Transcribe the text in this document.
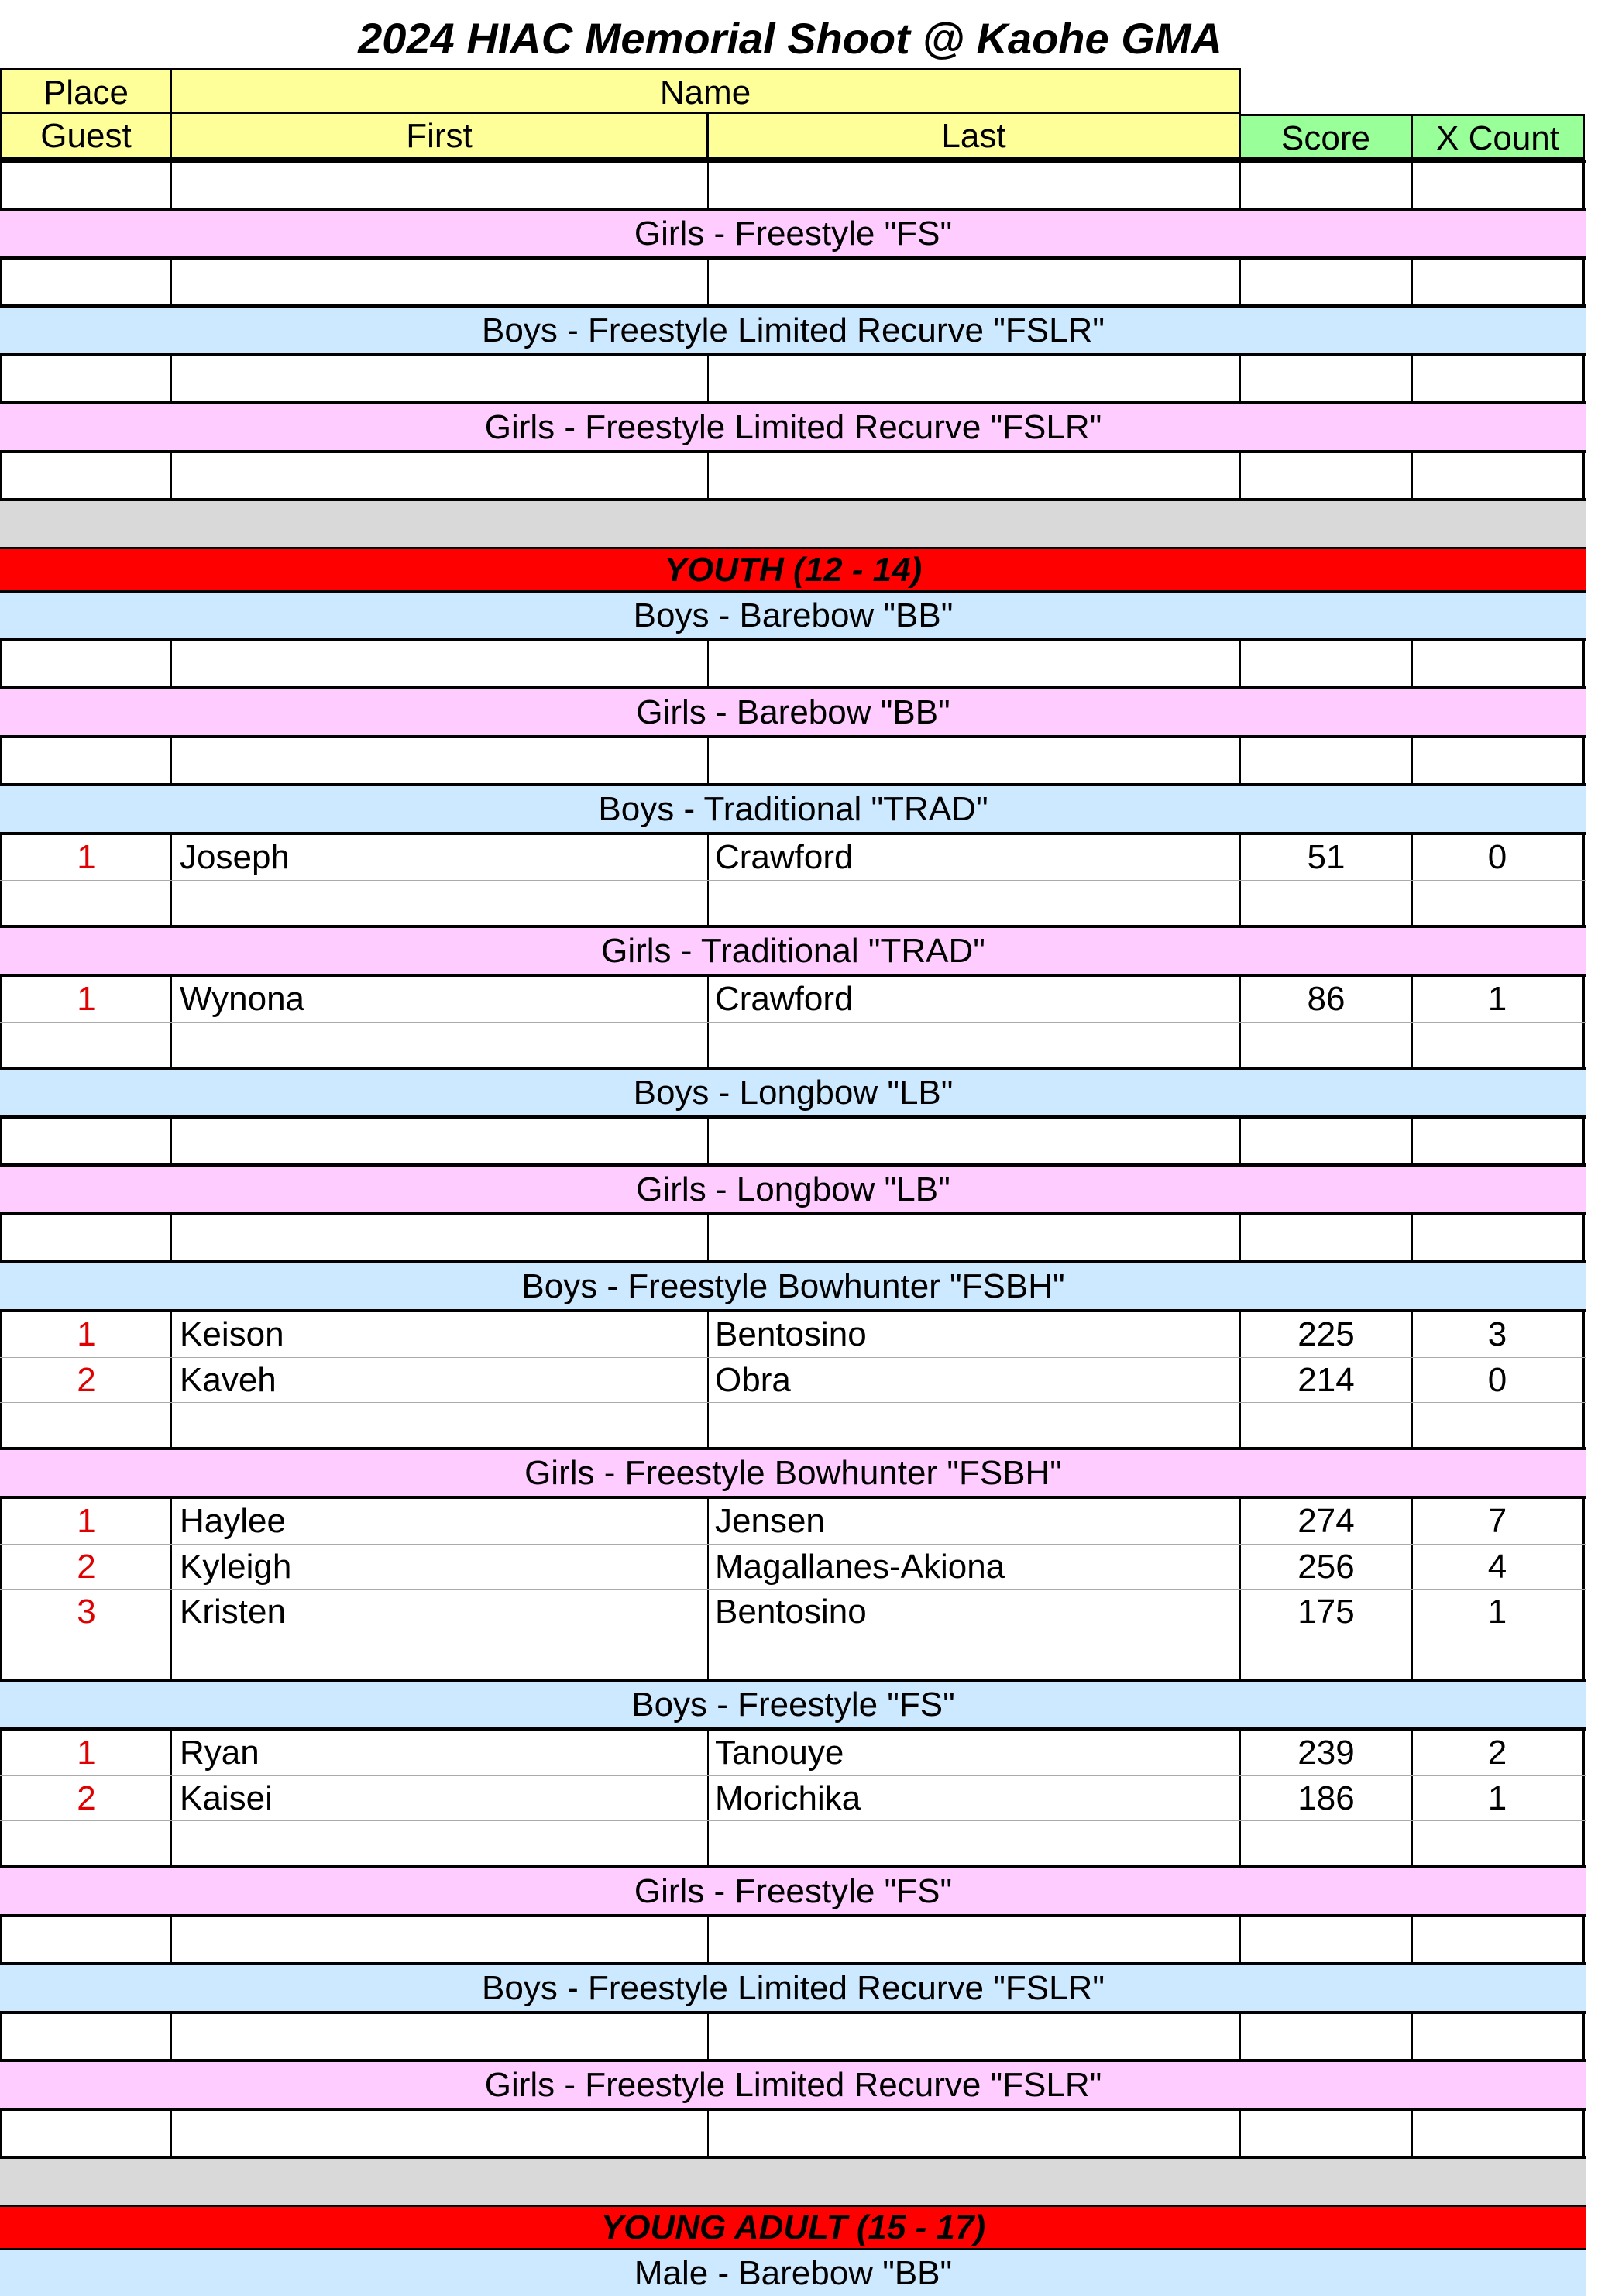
2024 HIAC Memorial Shoot @ Kaohe GMA
Place	Name
Guest	First	Last	Score	X Count
Girls - Freestyle "FS"
Boys - Freestyle Limited Recurve "FSLR"
Girls - Freestyle Limited Recurve "FSLR"
YOUTH (12 - 14)
Boys - Barebow "BB"
Girls - Barebow "BB"
Boys - Traditional "TRAD"
1	Joseph	Crawford	51	0
Girls - Traditional "TRAD"
1	Wynona	Crawford	86	1
Boys - Longbow "LB"
Girls - Longbow "LB"
Boys - Freestyle Bowhunter "FSBH"
1	Keison	Bentosino	225	3
2	Kaveh	Obra	214	0
Girls - Freestyle Bowhunter "FSBH"
1	Haylee	Jensen	274	7
2	Kyleigh	Magallanes-Akiona	256	4
3	Kristen	Bentosino	175	1
Boys - Freestyle "FS"
1	Ryan	Tanouye	239	2
2	Kaisei	Morichika	186	1
Girls - Freestyle "FS"
Boys - Freestyle Limited Recurve "FSLR"
Girls - Freestyle Limited Recurve "FSLR"
YOUNG ADULT (15 - 17)
Male - Barebow "BB"
